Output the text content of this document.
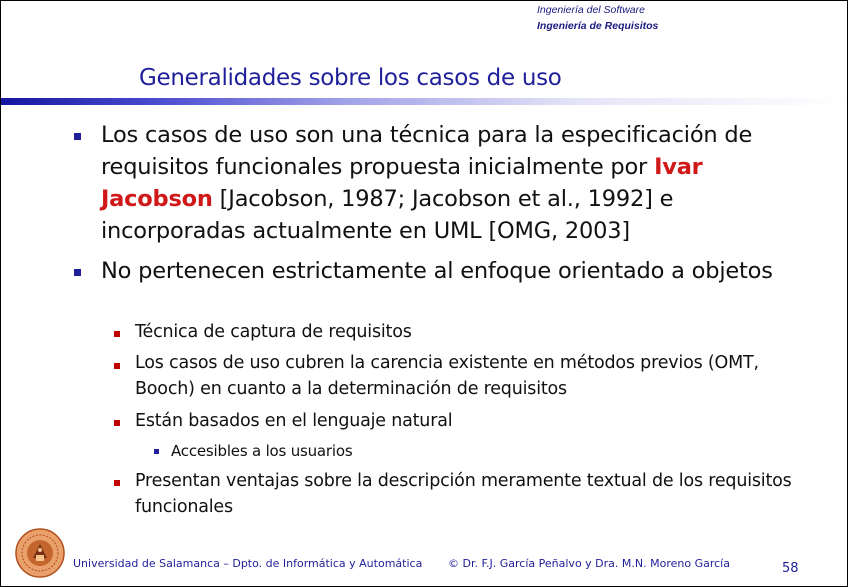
Ingeniería del Software
Ingeniería de Requisitos
Generalidades sobre los casos de uso
Los casos de uso son una técnica para la especificación de requisitos funcionales propuesta inicialmente por Ivar Jacobson [Jacobson, 1987; Jacobson et al., 1992] e incorporadas actualmente en UML [OMG, 2003]
No pertenecen estrictamente al enfoque orientado a objetos
Técnica de captura de requisitos
Los casos de uso cubren la carencia existente en métodos previos (OMT, Booch) en cuanto a la determinación de requisitos
Están basados en el lenguaje natural
Accesibles a los usuarios
Presentan ventajas sobre la descripción meramente textual de los requisitos funcionales
Universidad de Salamanca – Dpto. de Informática y Automática © Dr. F.J. García Peñalvo y Dra. M.N. Moreno García	58
